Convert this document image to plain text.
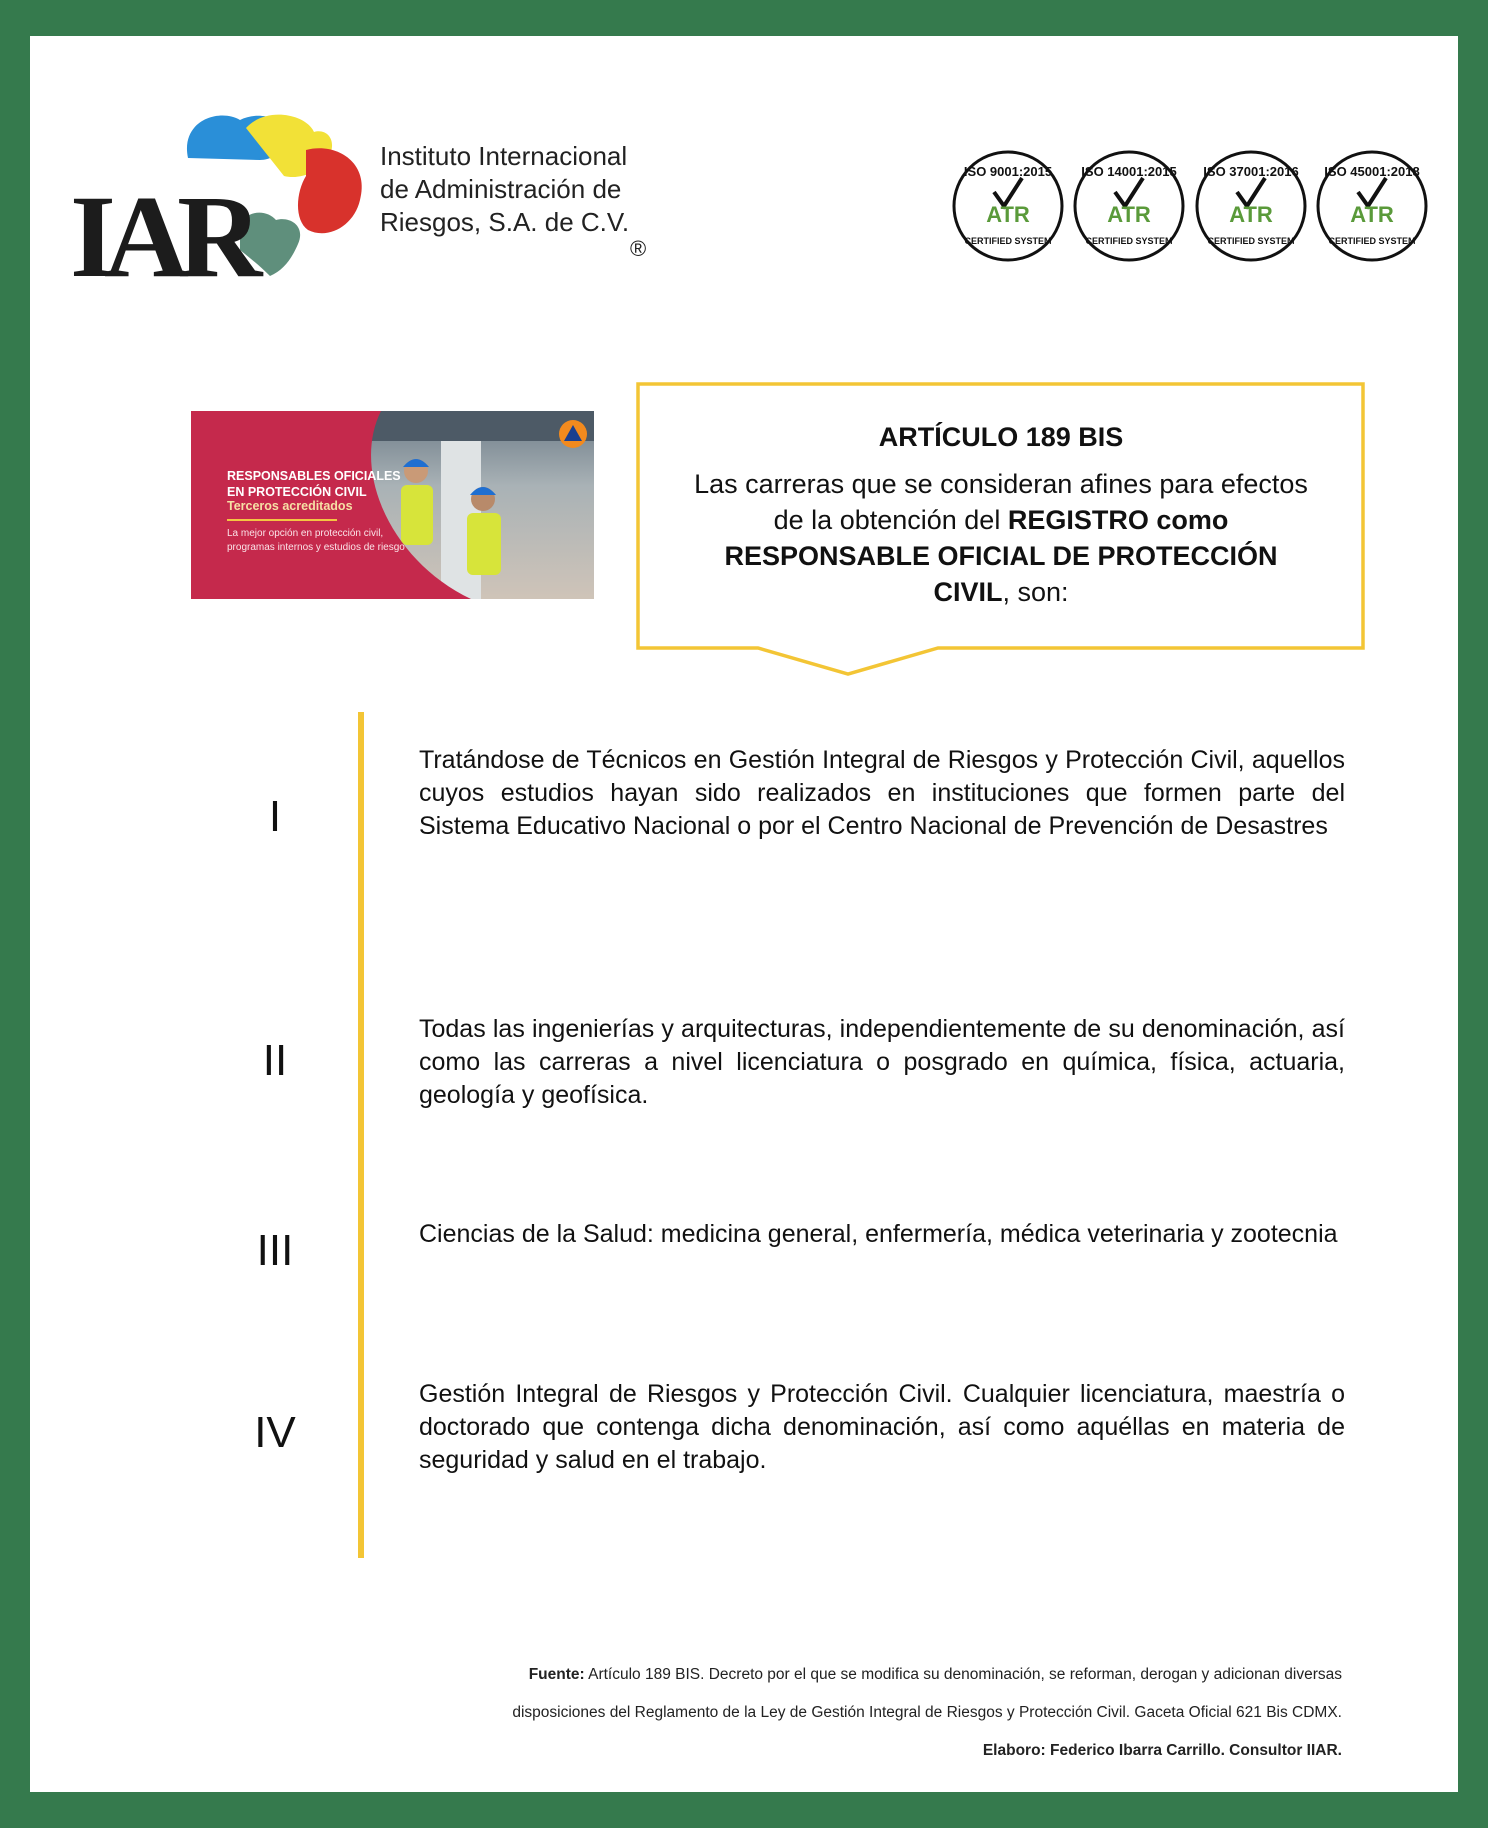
IAR
Instituto Internacional
de Administración de
Riesgos, S.A. de C.V.
®
ISO 9001:2015
ATR
CERTIFIED SYSTEM
ISO 14001:2015
ATR
CERTIFIED SYSTEM
ISO 37001:2016
ATR
CERTIFIED SYSTEM
ISO 45001:2018
ATR
CERTIFIED SYSTEM
RESPONSABLES OFICIALES
EN PROTECCIÓN CIVIL
Terceros acreditados
La mejor opción en protección civil,
programas internos y estudios de riesgo
ARTÍCULO 189 BIS
Las carreras que se consideran afines para efectos de la obtención del REGISTRO como RESPONSABLE OFICIAL DE PROTECCIÓN CIVIL, son:
I
Tratándose de Técnicos en Gestión Integral de Riesgos y Protección Civil, aquellos cuyos estudios hayan sido realizados en instituciones que formen parte del Sistema Educativo Nacional o por el Centro Nacional de Prevención de Desastres
II
Todas las ingenierías y arquitecturas, independientemente de su denominación, así como las carreras a nivel licenciatura o posgrado en química, física, actuaria, geología y geofísica.
III	Ciencias de la Salud: medicina general, enfermería, médica veterinaria y zootecnia
IV
Gestión Integral de Riesgos y Protección Civil. Cualquier licenciatura, maestría o doctorado que contenga dicha denominación, así como aquéllas en materia de seguridad y salud en el trabajo.
Fuente: Artículo 189 BIS. Decreto por el que se modifica su denominación, se reforman, derogan y adicionan diversas
disposiciones del Reglamento de la Ley de Gestión Integral de Riesgos y Protección Civil. Gaceta Oficial 621 Bis CDMX.
Elaboro: Federico Ibarra Carrillo. Consultor IIAR.
